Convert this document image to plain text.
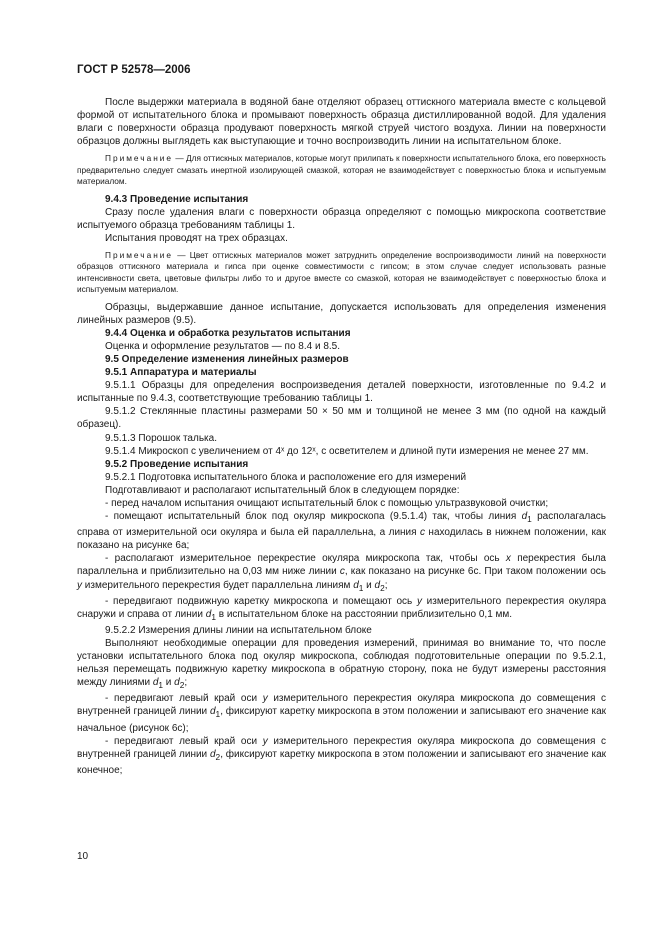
ГОСТ Р 52578—2006

После выдержки материала в водяной бане отделяют образец оттискного материала вместе с кольцевой формой от испытательного блока и промывают поверхность образца дистиллированной водой. Для удаления влаги с поверхности образца продувают поверхность мягкой струей чистого воздуха. Линии на поверхности образцов должны выглядеть как выступающие и точно воспроизводить линии на испытательном блоке.

Примечание — Для оттискных материалов, которые могут прилипать к поверхности испытательного блока, его поверхность предварительно следует смазать инертной изолирующей смазкой, которая не взаимодействует с поверхностью блока и испытуемым материалом.

9.4.3 Проведение испытания

Сразу после удаления влаги с поверхности образца определяют с помощью микроскопа соответствие испытуемого образца требованиям таблицы 1.

Испытания проводят на трех образцах.

Примечание — Цвет оттискных материалов может затруднить определение воспроизводимости линий на поверхности образцов оттискного материала и гипса при оценке совместимости с гипсом; в этом случае следует использовать разные интенсивности света, цветовые фильтры либо то и другое вместе со смазкой, которая не взаимодействует с поверхностью блока и испытуемым материалом.

Образцы, выдержавшие данное испытание, допускается использовать для определения изменения линейных размеров (9.5).

9.4.4 Оценка и обработка результатов испытания

Оценка и оформление результатов — по 8.4 и 8.5.

9.5 Определение изменения линейных размеров

9.5.1 Аппаратура и материалы

9.5.1.1 Образцы для определения воспроизведения деталей поверхности, изготовленные по 9.4.2 и испытанные по 9.4.3, соответствующие требованию таблицы 1.

9.5.1.2 Стеклянные пластины размерами 50 × 50 мм и толщиной не менее 3 мм (по одной на каждый образец).

9.5.1.3 Порошок талька.

9.5.1.4 Микроскоп с увеличением от 4ˣ до 12ˣ, с осветителем и длиной пути измерения не менее 27 мм.

9.5.2 Проведение испытания

9.5.2.1 Подготовка испытательного блока и расположение его для измерений

Подготавливают и располагают испытательный блок в следующем порядке:

- перед началом испытания очищают испытательный блок с помощью ультразвуковой очистки;

- помещают испытательный блок под окуляр микроскопа (9.5.1.4) так, чтобы линия $d_1$ располагалась справа от измерительной оси окуляра и была ей параллельна, а линия c находилась в нижнем положении, как показано на рисунке 6а;

- располагают измерительное перекрестие окуляра микроскопа так, чтобы ось x перекрестия была параллельна и приблизительно на 0,03 мм ниже линии c, как показано на рисунке 6с. При таком положении ось y измерительного перекрестия будет параллельна линиям $d_1$ и $d_2$;

- передвигают подвижную каретку микроскопа и помещают ось y измерительного перекрестия окуляра снаружи и справа от линии $d_1$ в испытательном блоке на расстоянии приблизительно 0,1 мм.

9.5.2.2 Измерения длины линии на испытательном блоке

Выполняют необходимые операции для проведения измерений, принимая во внимание то, что после установки испытательного блока под окуляр микроскопа, соблюдая подготовительные операции по 9.5.2.1, нельзя перемещать подвижную каретку микроскопа в обратную сторону, пока не будут измерены расстояния между линиями $d_1$ и $d_2$;

- передвигают левый край оси y измерительного перекрестия окуляра микроскопа до совмещения с внутренней границей линии $d_1$, фиксируют каретку микроскопа в этом положении и записывают его значение как начальное (рисунок 6с);

- передвигают левый край оси y измерительного перекрестия окуляра микроскопа до совмещения с внутренней границей линии $d_2$, фиксируют каретку микроскопа в этом положении и записывают его значение как конечное;

10
